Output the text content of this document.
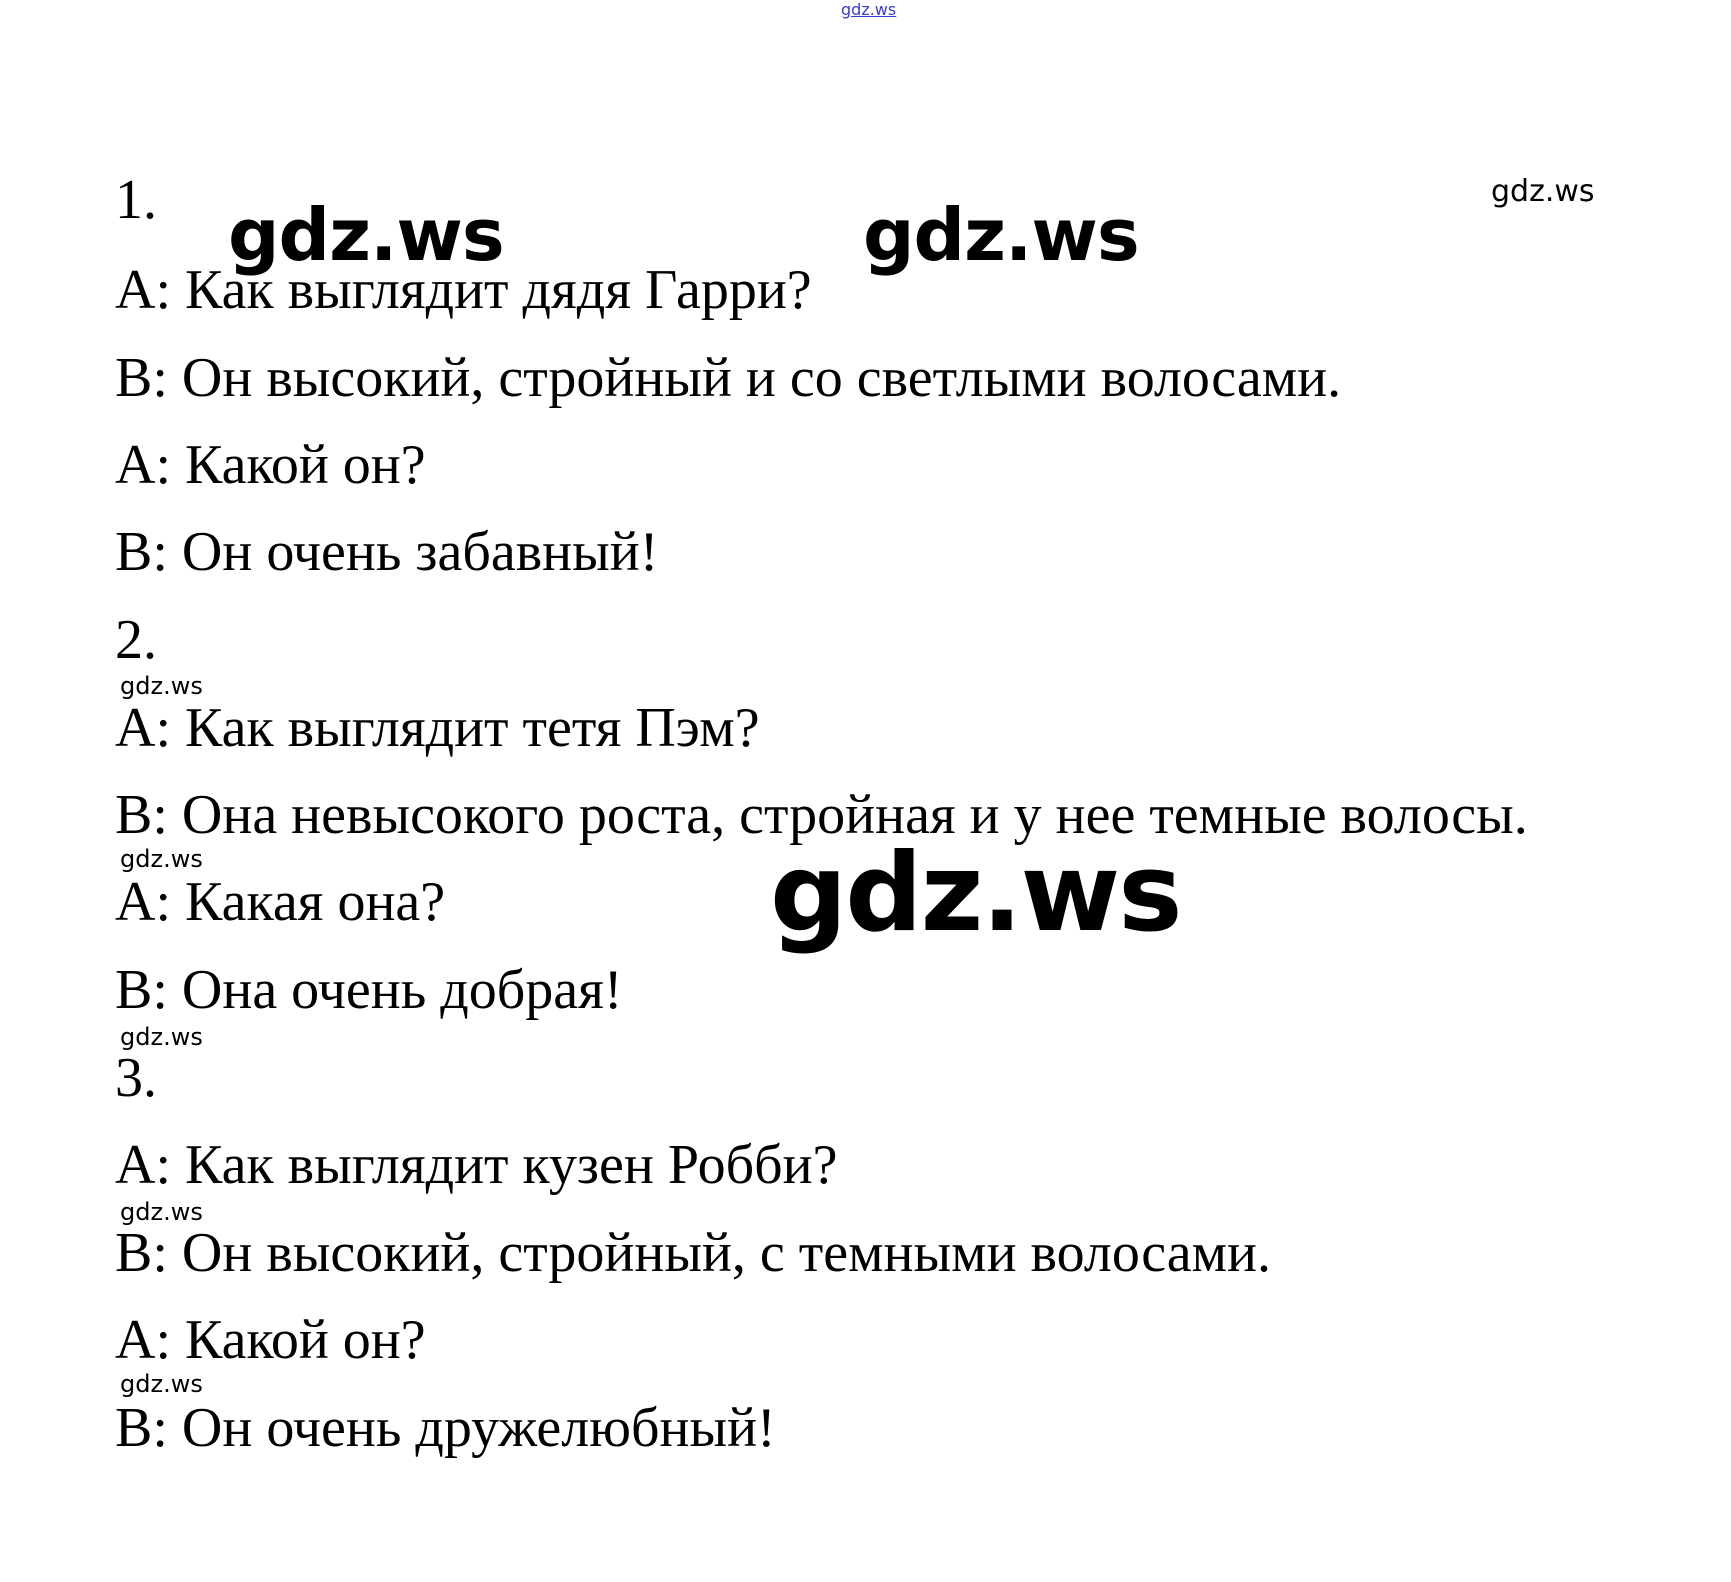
gdz.ws
gdz.ws
gdz.ws	gdz.ws
gdz.ws
gdz.ws
gdz.ws
gdz.ws
gdz.ws
gdz.ws
1.
A: Как выглядит дядя Гарри?
B: Он высокий, стройный и со светлыми волосами.
A: Какой он?
B: Он очень забавный!
2.
A: Как выглядит тетя Пэм?
B: Она невысокого роста, стройная и у нее темные волосы.
A: Какая она?
B: Она очень добрая!
3.
A: Как выглядит кузен Робби?
B: Он высокий, стройный, с темными волосами.
A: Какой он?
B: Он очень дружелюбный!
